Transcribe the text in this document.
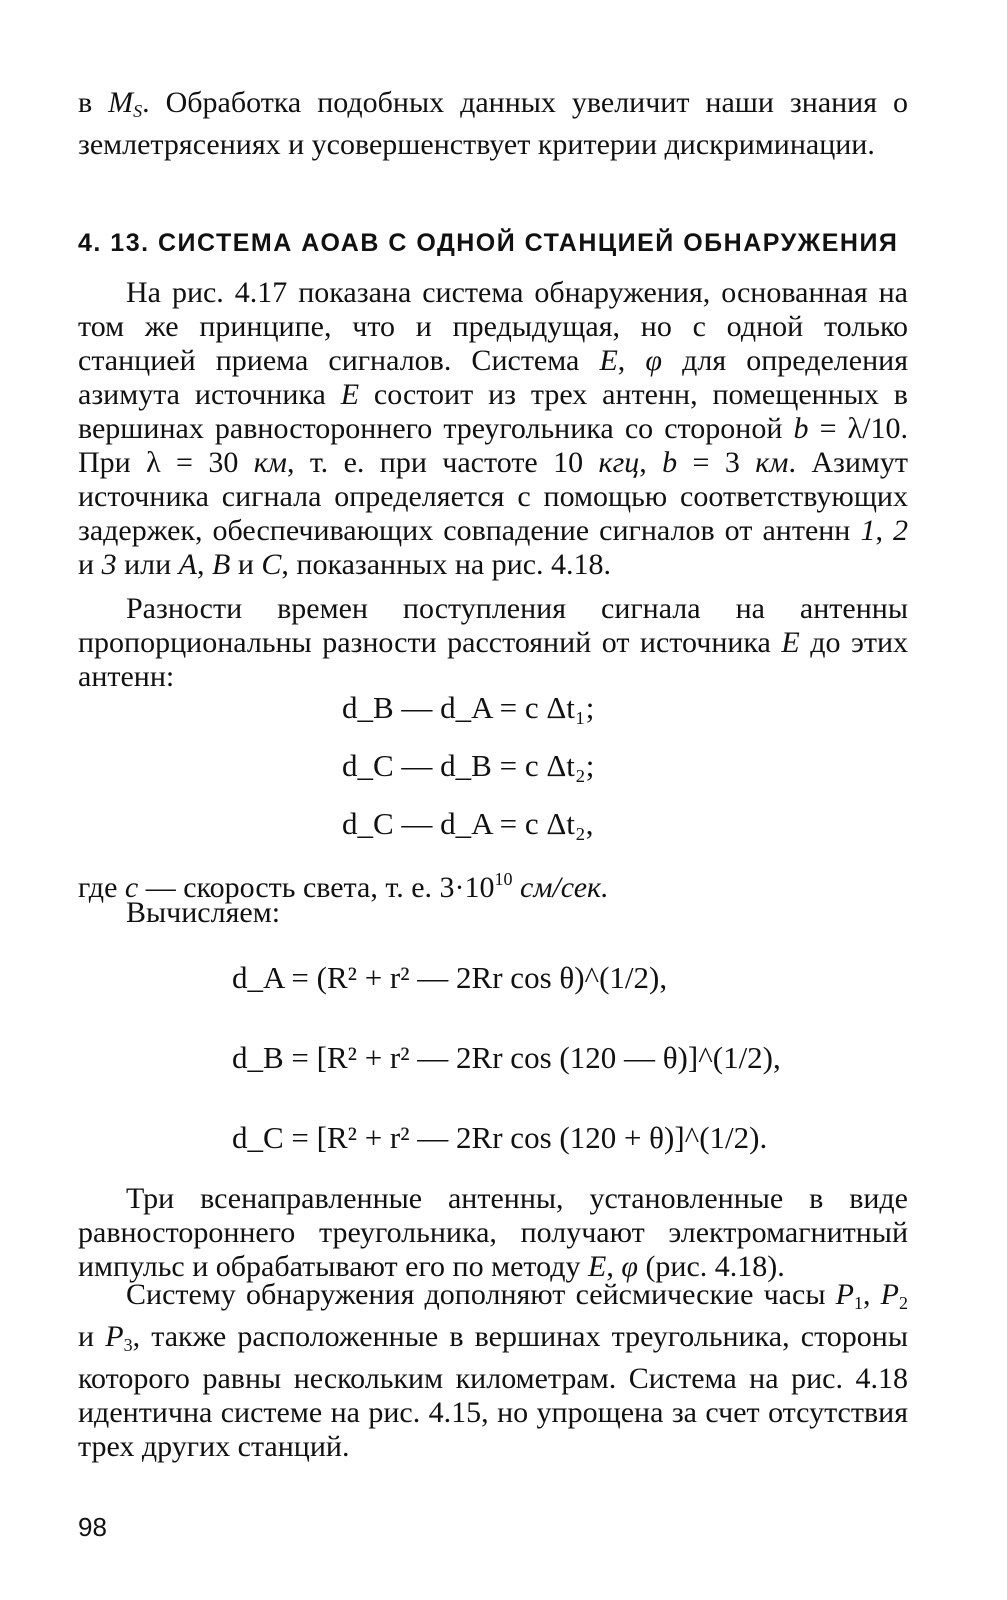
в $M_S$. Обработка подобных данных увеличит наши знания о землетрясениях и усовершенствует критерии дискриминации.

4. 13. СИСТЕМА АОАВ С ОДНОЙ СТАНЦИЕЙ ОБНАРУЖЕНИЯ

На рис. 4.17 показана система обнаружения, основанная на том же принципе, что и предыдущая, но с одной только станцией приема сигналов. Система E, φ для определения азимута источника E состоит из трех антенн, помещенных в вершинах равностороннего треугольника со стороной b = λ/10. При λ = 30 км, т. е. при частоте 10 кгц, b = 3 км. Азимут источника сигнала определяется с помощью соответствующих задержек, обеспечивающих совпадение сигналов от антенн 1, 2 и 3 или A, B и C, показанных на рис. 4.18.

Разности времен поступления сигнала на антенны пропорциональны разности расстояний от источника E до этих антенн:

d_B — d_A = c Δt₁;
d_C — d_B = c Δt₂;
d_C — d_A = c Δt₂,

где c — скорость света, т. е. $3\cdot 10^{10}$ см/сек.

Вычисляем:

d_A = (R² + r² — 2Rr cos θ)^(1/2),
d_B = [R² + r² — 2Rr cos (120 — θ)]^(1/2),
d_C = [R² + r² — 2Rr cos (120 + θ)]^(1/2).

Три всенаправленные антенны, установленные в виде равностороннего треугольника, получают электромагнитный импульс и обрабатывают его по методу E, φ (рис. 4.18).

Систему обнаружения дополняют сейсмические часы $P_1$, $P_2$ и $P_3$, также расположенные в вершинах треугольника, стороны которого равны нескольким километрам. Система на рис. 4.18 идентична системе на рис. 4.15, но упрощена за счет отсутствия трех других станций.

98
